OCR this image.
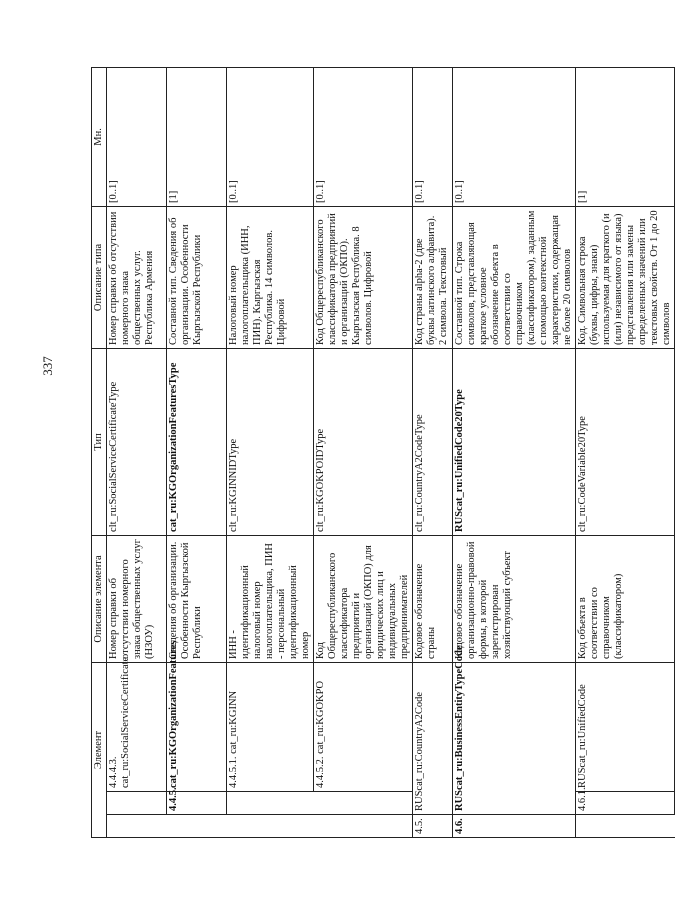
337
Элемент			Описание элемента	Тип	Описание типа	Мн.
		4.4.4.3. cat_ru:SocialServiceCertificate	Номер справки об отсутствии номерного знака общественных услуг (НЗОУ)	clt_ru:SocialServiceCertificateType	Номер справки об отсутствии номерного знака общественных услуг. Республика Армения	[0..1]
	4.4.5.	cat_ru:KGOrganizationFeatures	Сведения об организации. Особенности Кыргызской Республики	cat_ru:KGOrganizationFeaturesType	Составной тип. Сведения об организации. Особенности Кыргызской Республики	[1]
		4.4.5.1. cat_ru:KGINN	ИНН - идентификационный налоговый номер налогоплательщика, ПИН - персональный идентификационный номер	clt_ru:KGINNIDType	Налоговый номер налогоплательщика (ИНН, ПИН). Кыргызская Республика. 14 символов. Цифровой	[0..1]
		4.4.5.2. cat_ru:KGOKPO	Код Общереспубликанского классификатора предприятий и организаций (ОКПО) для юридических лиц и индивидуальных предпринимателей	clt_ru:KGOKPOIDType	Код Общереспубликанского классификатора предприятий и организаций (ОКПО). Кыргызская Республика. 8 символов. Цифровой	[0..1]
4.5.	RUScat_ru:CountryA2Code		Кодовое обозначение страны	clt_ru:CountryA2CodeType	Код страны alpha-2 (две буквы латинского алфавита). 2 символа. Текстовый	[0..1]
4.6.	RUScat_ru:BusinessEntityTypeCode		Кодовое обозначение организационно-правовой формы, в которой зарегистрирован хозяйствующий субъект	RUScat_ru:UnifiedCode20Type	Составной тип. Строка символов, представляющая краткое условное обозначение объекта в соответствии со справочником (классификатором), заданным с помощью контекстной характеристики, содержащая не более 20 символов	[0..1]
	4.6.1.	RUScat_ru:UnifiedCode	Код объекта в соответствии со справочником (классификатором)	clt_ru:CodeVariable20Type	Код. Символьная строка (буквы, цифры, знаки) используемая для краткого (и (или) независимого от языка) представления или замены определенных значений или текстовых свойств. От 1 до 20 символов	[1]
